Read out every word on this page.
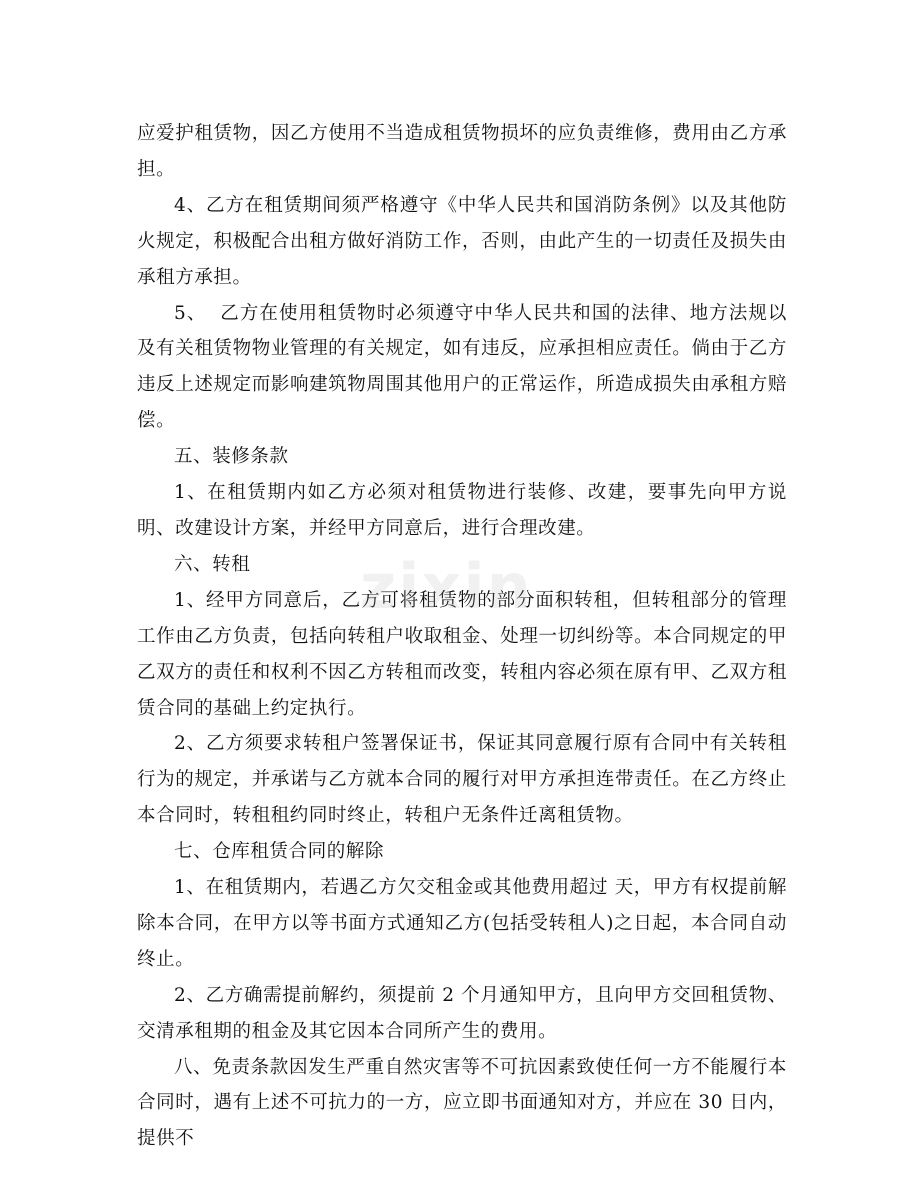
应爱护租赁物，因乙方使用不当造成租赁物损坏的应负责维修，费用由乙方承担。

4、乙方在租赁期间须严格遵守《中华人民共和国消防条例》以及其他防火规定，积极配合出租方做好消防工作，否则，由此产生的一切责任及损失由承租方承担。

5、  乙方在使用租赁物时必须遵守中华人民共和国的法律、地方法规以及有关租赁物物业管理的有关规定，如有违反，应承担相应责任。倘由于乙方违反上述规定而影响建筑物周围其他用户的正常运作，所造成损失由承租方赔偿。

五、装修条款

1、在租赁期内如乙方必须对租赁物进行装修、改建，要事先向甲方说明、改建设计方案，并经甲方同意后，进行合理改建。

六、转租

1、经甲方同意后，乙方可将租赁物的部分面积转租，但转租部分的管理工作由乙方负责，包括向转租户收取租金、处理一切纠纷等。本合同规定的甲乙双方的责任和权利不因乙方转租而改变，转租内容必须在原有甲、乙双方租赁合同的基础上约定执行。

2、乙方须要求转租户签署保证书，保证其同意履行原有合同中有关转租行为的规定，并承诺与乙方就本合同的履行对甲方承担连带责任。在乙方终止本合同时，转租租约同时终止，转租户无条件迁离租赁物。

七、仓库租赁合同的解除

1、在租赁期内，若遇乙方欠交租金或其他费用超过 天，甲方有权提前解除本合同，在甲方以等书面方式通知乙方(包括受转租人)之日起，本合同自动终止。

2、乙方确需提前解约，须提前 2 个月通知甲方，且向甲方交回租赁物、交清承租期的租金及其它因本合同所产生的费用。

八、免责条款因发生严重自然灾害等不可抗因素致使任何一方不能履行本合同时，遇有上述不可抗力的一方，应立即书面通知对方，并应在 30 日内，提供不

zixin
